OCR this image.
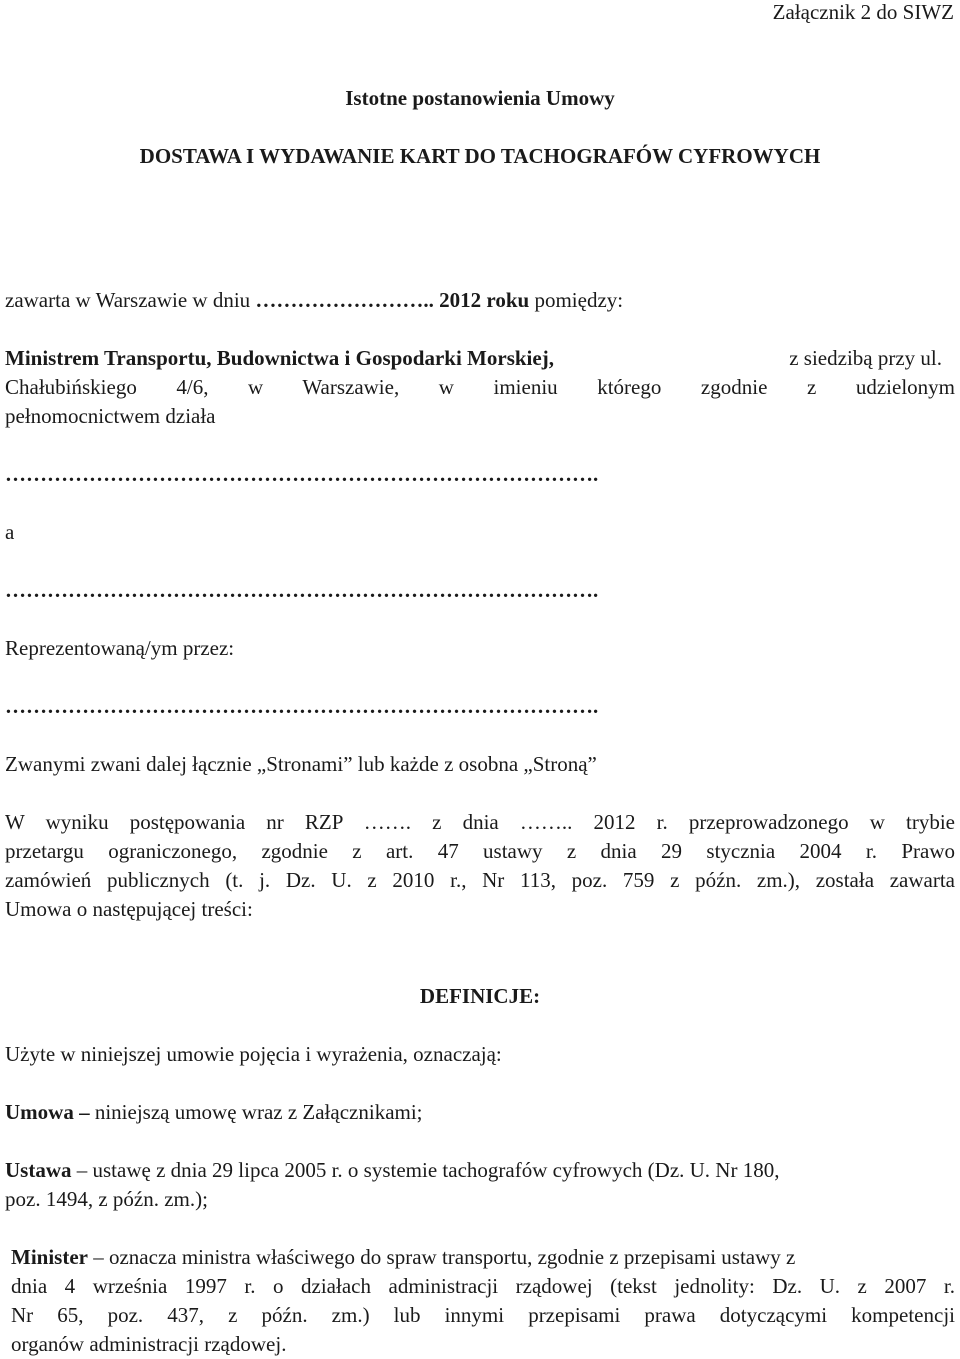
Załącznik 2 do SIWZ
Istotne postanowienia Umowy
DOSTAWA I WYDAWANIE KART DO TACHOGRAFÓW CYFROWYCH
zawarta w Warszawie w dniu …………………….. 2012 roku pomiędzy:
Ministrem Transportu, Budownictwa i Gospodarki Morskiej,	z siedzibą przy ul.
Chałubińskiego 4/6, w Warszawie, w imieniu którego zgodnie z udzielonym
pełnomocnictwem działa
………………………………………………………………………….
a
………………………………………………………………………….
Reprezentowaną/ym przez:
………………………………………………………………………….
Zwanymi zwani dalej łącznie „Stronami” lub każde z osobna „Stroną”
W wyniku postępowania nr RZP ……. z dnia …….. 2012 r. przeprowadzonego w trybie
przetargu ograniczonego, zgodnie z art. 47 ustawy z dnia 29 stycznia 2004 r. Prawo
zamówień publicznych (t. j. Dz. U. z 2010 r., Nr 113, poz. 759 z późn. zm.), została zawarta
Umowa o następującej treści:
DEFINICJE:
Użyte w niniejszej umowie pojęcia i wyrażenia, oznaczają:
Umowa – niniejszą umowę wraz z Załącznikami;
Ustawa – ustawę z dnia 29 lipca 2005 r. o systemie tachografów cyfrowych (Dz. U. Nr 180,
poz. 1494, z późn. zm.);
Minister – oznacza ministra właściwego do spraw transportu, zgodnie z przepisami ustawy z
dnia 4 września 1997 r. o działach administracji rządowej (tekst jednolity: Dz. U. z 2007 r.
Nr 65, poz. 437, z późn. zm.) lub innymi przepisami prawa dotyczącymi kompetencji
organów administracji rządowej.
